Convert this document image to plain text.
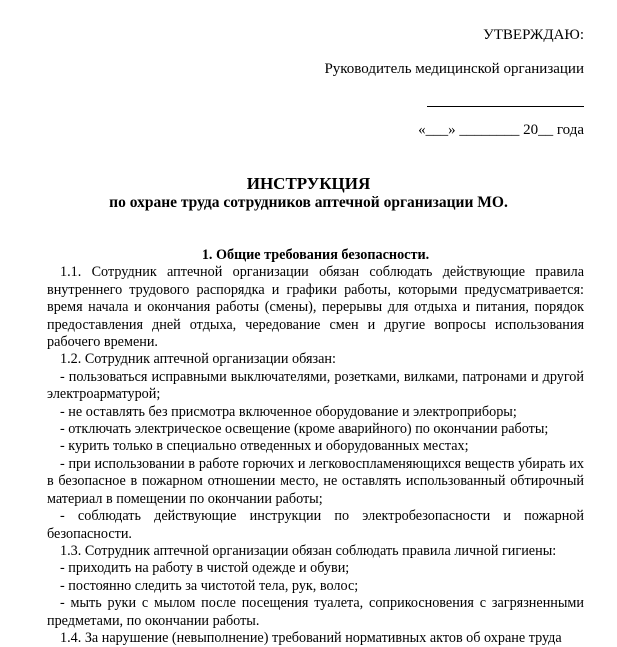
УТВЕРЖДАЮ:
Руководитель медицинской организации
«___» ________ 20__ года
ИНСТРУКЦИЯ
по охране труда сотрудников аптечной организации МО.

1. Общие требования безопасности.

1.1. Сотрудник аптечной организации обязан соблюдать действующие правила внутреннего трудового распорядка и графики работы, которыми предусматривается: время начала и окончания работы (смены), перерывы для отдыха и питания, порядок предоставления дней отдыха, чередование смен и другие вопросы использования рабочего времени.

1.2. Сотрудник аптечной организации обязан:

- пользоваться исправными выключателями, розетками, вилками, патронами и другой электроарматурой;

- не оставлять без присмотра включенное оборудование и электроприборы;

- отключать электрическое освещение (кроме аварийного) по окончании работы;

- курить только в специально отведенных и оборудованных местах;

- при использовании в работе горючих и легковоспламеняющихся веществ убирать их в безопасное в пожарном отношении место, не оставлять использованный обтирочный материал в помещении по окончании работы;

- соблюдать действующие инструкции по электробезопасности и пожарной безопасности.

1.3. Сотрудник аптечной организации обязан соблюдать правила личной гигиены:

- приходить на работу в чистой одежде и обуви;

- постоянно следить за чистотой тела, рук, волос;

- мыть руки с мылом после посещения туалета, соприкосновения с загрязненными предметами, по окончании работы.

1.4. За нарушение (невыполнение) требований нормативных актов об охране труда
